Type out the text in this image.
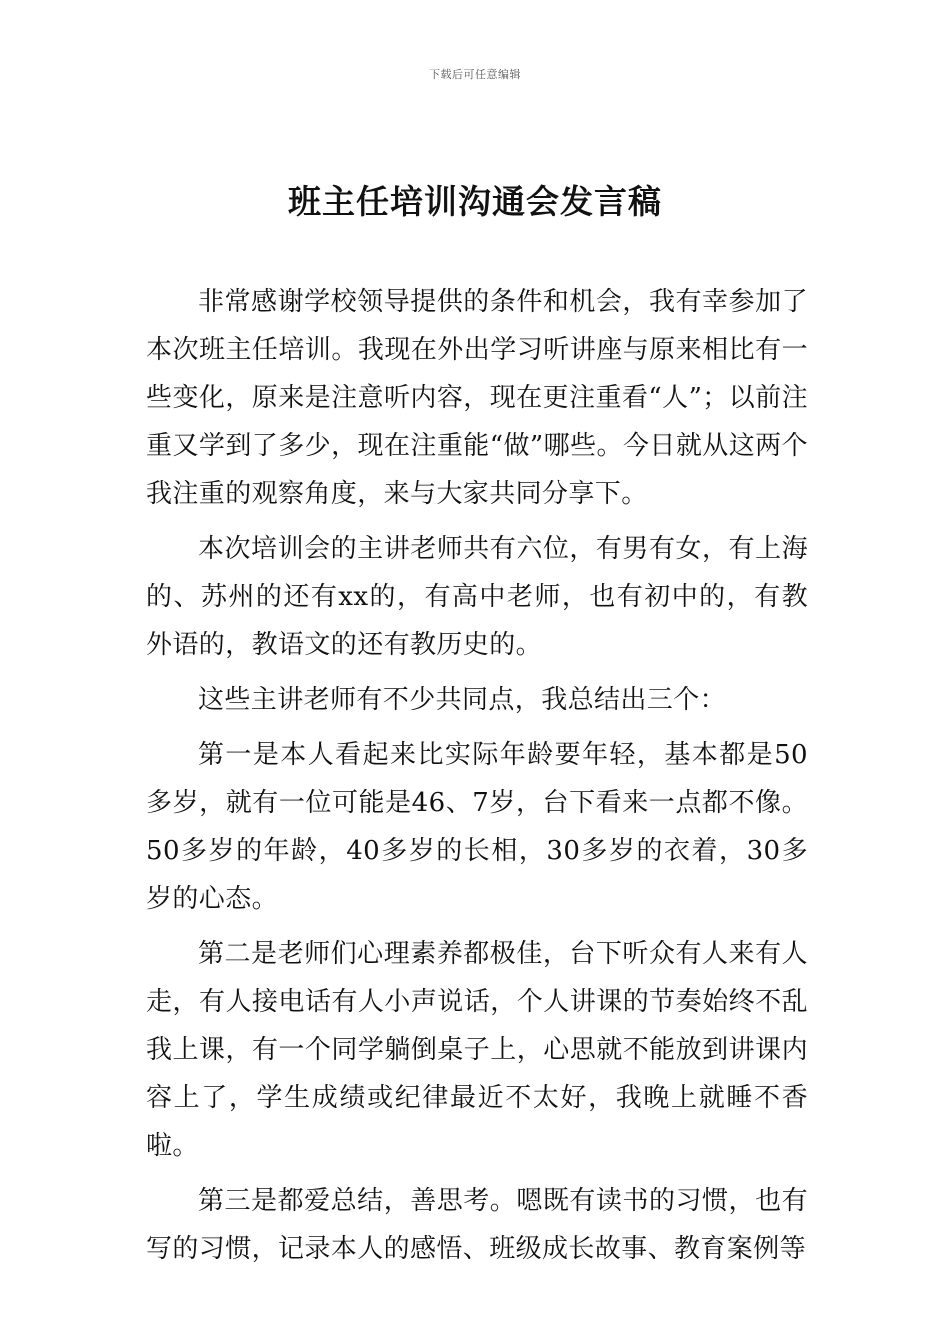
下载后可任意编辑
班主任培训沟通会发言稿

非常感谢学校领导提供的条件和机会，我有幸参加了本次班主任培训。我现在外出学习听讲座与原来相比有一些变化，原来是注意听内容，现在更注重看“人”；以前注重又学到了多少，现在注重能“做”哪些。今日就从这两个我注重的观察角度，来与大家共同分享下。

本次培训会的主讲老师共有六位，有男有女，有上海的、苏州的还有xx的，有高中老师，也有初中的，有教外语的，教语文的还有教历史的。

这些主讲老师有不少共同点，我总结出三个：

第一是本人看起来比实际年龄要年轻，基本都是50多岁，就有一位可能是46、7岁，台下看来一点都不像。50多岁的年龄，40多岁的长相，30多岁的衣着，30多岁的心态。

第二是老师们心理素养都极佳，台下听众有人来有人走，有人接电话有人小声说话，个人讲课的节奏始终不乱我上课，有一个同学躺倒桌子上，心思就不能放到讲课内容上了，学生成绩或纪律最近不太好，我晚上就睡不香啦。

第三是都爱总结，善思考。嗯既有读书的习惯，也有写的习惯，记录本人的感悟、班级成长故事、教育案例等
